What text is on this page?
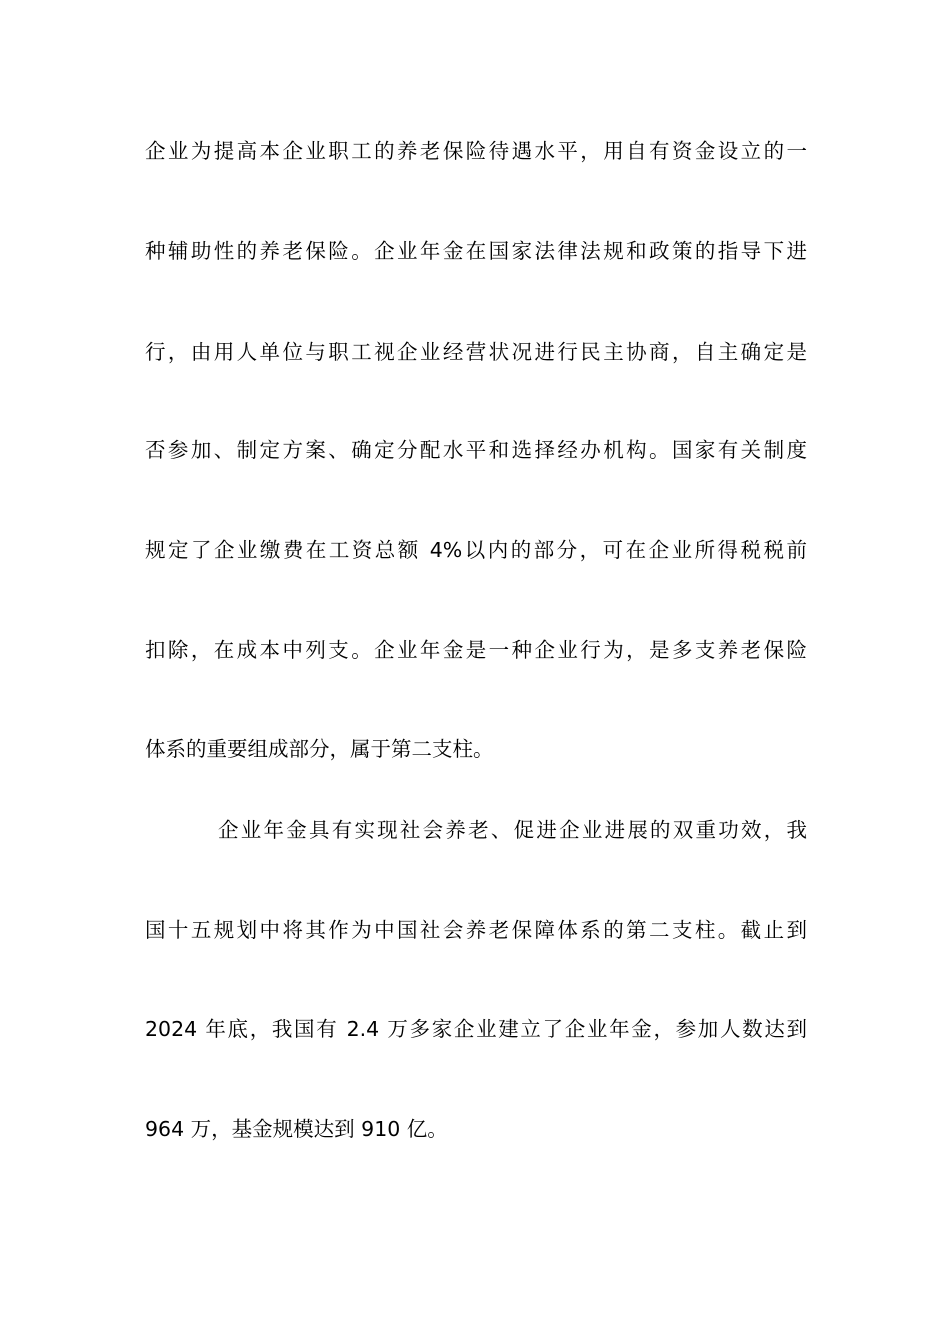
企业为提高本企业职工的养老保险待遇水平，用自有资金设立的一
种辅助性的养老保险。企业年金在国家法律法规和政策的指导下进
行，由用人单位与职工视企业经营状况进行民主协商，自主确定是
否参加、制定方案、确定分配水平和选择经办机构。国家有关制度
规定了企业缴费在工资总额 4%以内的部分，可在企业所得税税前
扣除，在成本中列支。企业年金是一种企业行为，是多支养老保险
体系的重要组成部分，属于第二支柱。
企业年金具有实现社会养老、促进企业进展的双重功效，我
国十五规划中将其作为中国社会养老保障体系的第二支柱。截止到
2024 年底，我国有 2.4 万多家企业建立了企业年金，参加人数达到
964 万，基金规模达到 910 亿。
